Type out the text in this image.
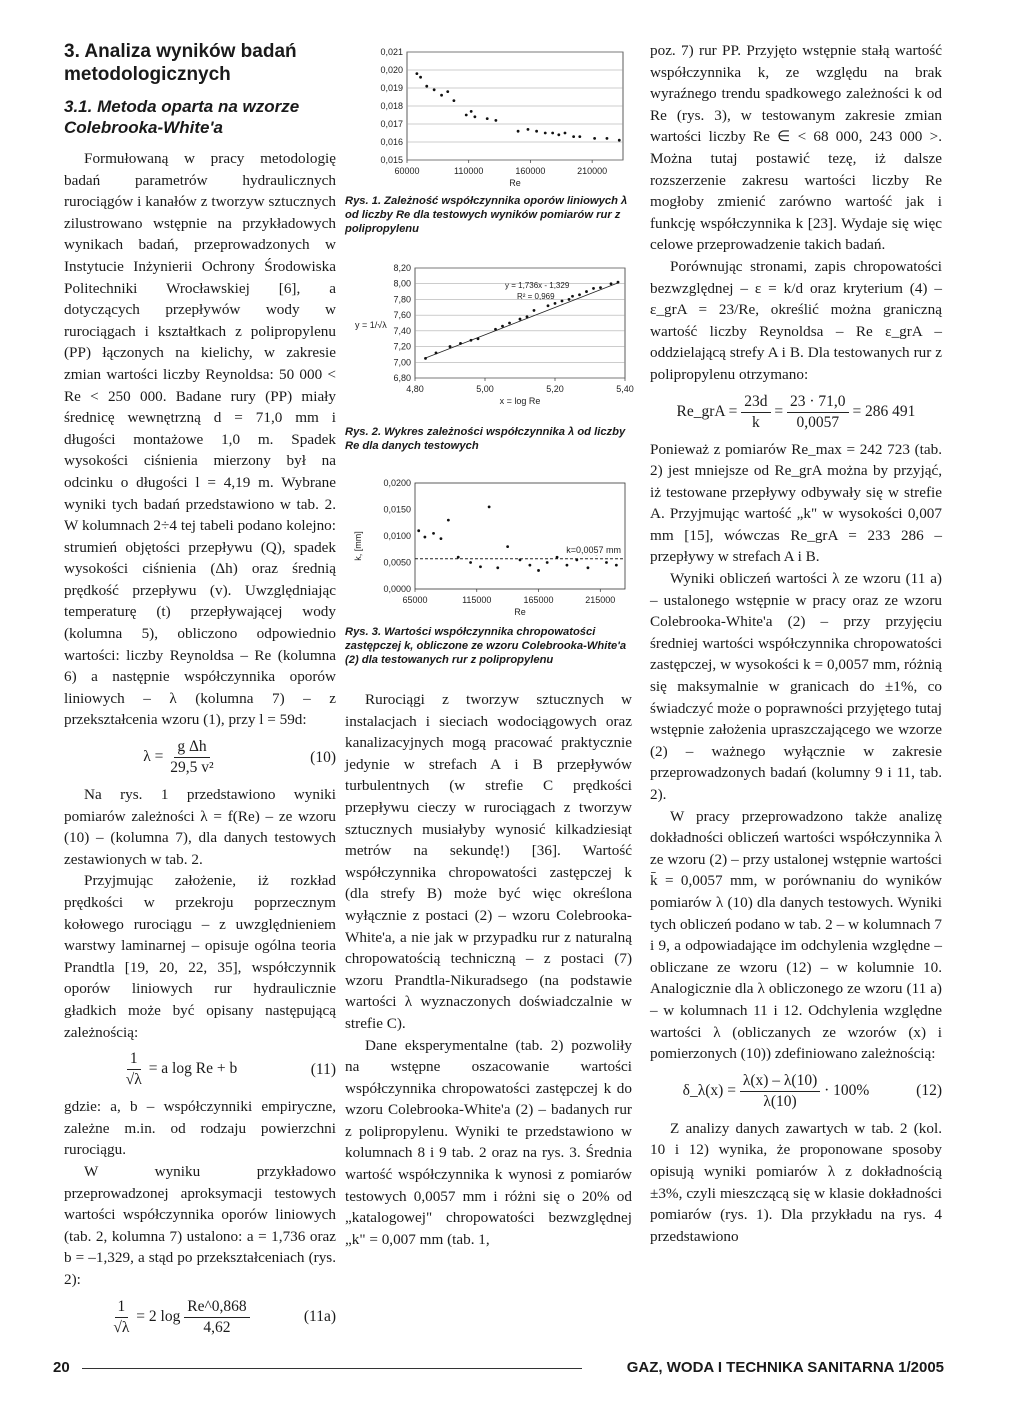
3. Analiza wyników badań metodologicznych
3.1. Metoda oparta na wzorze Colebrooka-White'a

Formułowaną w pracy metodologię badań parametrów hydraulicznych rurociągów i kanałów z tworzyw sztucznych zilustrowano wstępnie na przykładowych wynikach badań, przeprowadzonych w Instytucie Inżynierii Ochrony Środowiska Politechniki Wrocławskiej [6], a dotyczących przepływów wody w rurociągach i kształtkach z polipropylenu (PP) łączonych na kielichy, w zakresie zmian wartości liczby Reynoldsa: 50 000 < Re < 250 000. Badane rury (PP) miały średnicę wewnętrzną d = 71,0 mm i długości montażowe 1,0 m. Spadek wysokości ciśnienia mierzony był na odcinku o długości l = 4,19 m. Wybrane wyniki tych badań przedstawiono w tab. 2. W kolumnach 2÷4 tej tabeli podano kolejno: strumień objętości przepływu (Q), spadek wysokości ciśnienia (Δh) oraz średnią prędkość przepływu (v). Uwzględniając temperaturę (t) przepływającej wody (kolumna 5), obliczono odpowiednio wartości: liczby Reynoldsa – Re (kolumna 6) a następnie współczynnika oporów liniowych – λ (kolumna 7) – z przekształcenia wzoru (1), przy l = 59d:

$\lambda = \frac{\text{g Δh}}{\text{29,5 v²}}$	(10)

Na rys. 1 przedstawiono wyniki pomiarów zależności λ = f(Re) – ze wzoru (10) – (kolumna 7), dla danych testowych zestawionych w tab. 2.

Przyjmując założenie, iż rozkład prędkości w przekroju poprzecznym kołowego rurociągu – z uwzględnieniem warstwy laminarnej – opisuje ogólna teoria Prandtla [19, 20, 22, 35], współczynnik oporów liniowych rur hydraulicznie gładkich może być opisany następującą zależnością:

$\frac{1}{√\lambda} = a$ log Re + b	(11)

gdzie: a, b – współczynniki empiryczne, zależne m.in. od rodzaju powierzchni rurociągu.

W wyniku przykładowo przeprowadzonej aproksymacji testowych wartości współczynnika oporów liniowych (tab. 2, kolumna 7) ustalono: a = 1,736 oraz b = –1,329, a stąd po przekształceniach (rys. 2):

$\frac{1}{√\lambda} = 2$ $\log \frac{Re\^{}0,868}{4,62}$	(11a)
0,015
0,016
0,017
0,018
0,019
0,020
0,021
60000	110000	160000	210000
Re
Rys. 1. Zależność współczynnika oporów liniowych λ od liczby Re dla testowych wyników pomiarów rur z polipropylenu
6,80
7,00
7,20
7,40
7,60
7,80
8,00
8,20
4,80	5,00	5,20	5,40
x = log Re
y = 1/√λ
y = 1,736x - 1,329
R² = 0,969
Rys. 2. Wykres zależności współczynnika λ od liczby Re dla danych testowych
0,0000
0,0050
0,0100
0,0150
0,0200
65000	115000	165000	215000
Re
k, [mm]	k=0,0057 mm
Rys. 3. Wartości współczynnika chropowatości zastępczej k, obliczone ze wzoru Colebrooka-White'a (2) dla testowanych rur z polipropylenu

Rurociągi z tworzyw sztucznych w instalacjach i sieciach wodociągowych oraz kanalizacyjnych mogą pracować praktycznie jedynie w strefach A i B przepływów turbulentnych (w strefie C prędkości przepływu cieczy w rurociągach z tworzyw sztucznych musiałyby wynosić kilkadziesiąt metrów na sekundę!) [36]. Wartość współczynnika chropowatości zastępczej k (dla strefy B) może być więc określona wyłącznie z postaci (2) – wzoru Colebrooka-White'a, a nie jak w przypadku rur z naturalną chropowatością techniczną – z postaci (7) wzoru Prandtla-Nikuradsego (na podstawie wartości λ wyznaczonych doświadczalnie w strefie C).

Dane eksperymentalne (tab. 2) pozwoliły na wstępne oszacowanie wartości współczynnika chropowatości zastępczej k do wzoru Colebrooka-White'a (2) – badanych rur z polipropylenu. Wyniki te przedstawiono w kolumnach 8 i 9 tab. 2 oraz na rys. 3. Średnia wartość współczynnika k wynosi z pomiarów testowych 0,0057 mm i różni się o 20% od „katalogowej" chropowatości bezwzględnej „k" = 0,007 mm (tab. 1,

poz. 7) rur PP. Przyjęto wstępnie stałą wartość współczynnika k, ze względu na brak wyraźnego trendu spadkowego zależności k od Re (rys. 3), w testowanym zakresie zmian wartości liczby Re ∈ < 68 000, 243 000 >. Można tutaj postawić tezę, iż dalsze rozszerzenie zakresu wartości liczby Re mogłoby zmienić zarówno wartość jak i funkcję współczynnika k [23]. Wydaje się więc celowe przeprowadzenie takich badań.

Porównując stronami, zapis chropowatości bezwzględnej – ε = k/d oraz kryterium (4) – ε_grA = 23/Re, określić można graniczną wartość liczby Reynoldsa – Re ε_grA – oddzielającą strefy A i B. Dla testowanych rur z polipropylenu otrzymano:

Re_grA = $\frac{23d}{k} = \frac{23 \cdot 71,0}{0,0057} = 286$ 491

Ponieważ z pomiarów Re_max = 242 723 (tab. 2) jest mniejsze od Re_grA można by przyjąć, iż testowane przepływy odbywały się w strefie A. Przyjmując wartość „k" w wysokości 0,007 mm [15], wówczas Re_grA = 233 286 – przepływy w strefach A i B.

Wyniki obliczeń wartości λ ze wzoru (11 a) – ustalonego wstępnie w pracy oraz ze wzoru Colebrooka-White'a (2) – przy przyjęciu średniej wartości współczynnika chropowatości zastępczej, w wysokości k = 0,0057 mm, różnią się maksymalnie w granicach do ±1%, co świadczyć może o poprawności przyjętego tutaj wstępnie założenia upraszczającego we wzorze (2) – ważnego wyłącznie w zakresie przeprowadzonych badań (kolumny 9 i 11, tab. 2).

W pracy przeprowadzono także analizę dokładności obliczeń wartości współczynnika λ ze wzoru (2) – przy ustalonej wstępnie wartości k̄ = 0,0057 mm, w porównaniu do wyników pomiarów λ (10) dla danych testowych. Wyniki tych obliczeń podano w tab. 2 – w kolumnach 7 i 9, a odpowiadające im odchylenia względne – obliczane ze wzoru (12) – w kolumnie 10. Analogicznie dla λ obliczonego ze wzoru (11 a) – w kolumnach 11 i 12. Odchylenia względne wartości λ (obliczanych ze wzorów (x) i pomierzonych (10)) zdefiniowano zależnością:

δ_λ(x) = $\frac{\lambda(x) - \lambda(10)}{\lambda(10)} \cdot 100\%$	(12)

Z analizy danych zawartych w tab. 2 (kol. 10 i 12) wynika, że proponowane sposoby opisują wyniki pomiarów λ z dokładnością ±3%, czyli mieszczącą się w klasie dokładności pomiarów (rys. 1). Dla przykładu na rys. 4 przedstawiono

20	GAZ, WODA I TECHNIKA SANITARNA 1/2005
